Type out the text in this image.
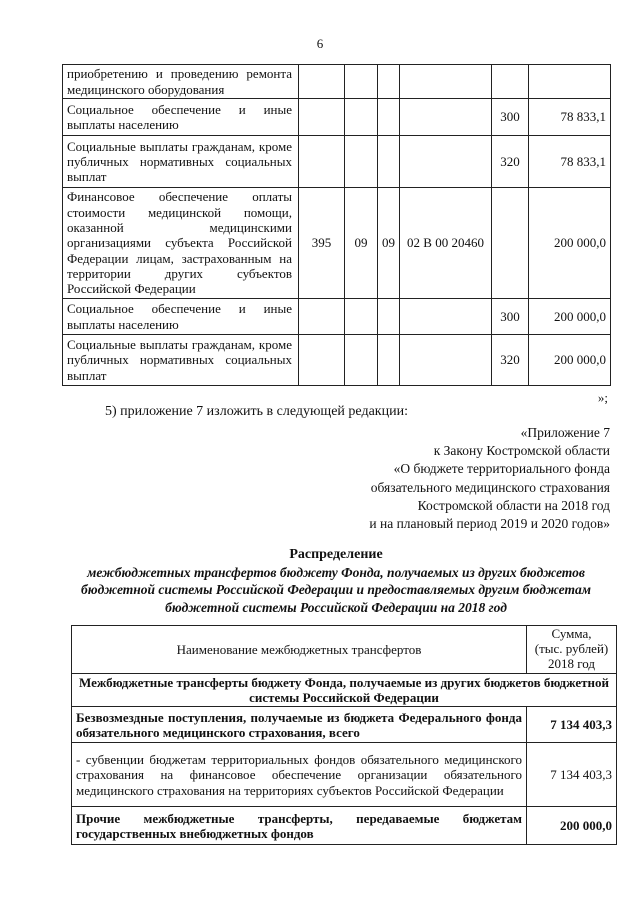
6
приобретению и проведению ремонта медицинского оборудования						
Социальное обеспечение и иные выплаты населению					300	78 833,1
Социальные выплаты гражданам, кроме публичных нормативных социальных выплат					320	78 833,1
Финансовое обеспечение оплаты стоимости медицинской помощи, оказанной медицинскими организациями субъекта Российской Федерации лицам, застрахованным на территории других субъектов Российской Федерации	395	09	09	02 В 00 20460		200 000,0
Социальное обеспечение и иные выплаты населению					300	200 000,0
Социальные выплаты гражданам, кроме публичных нормативных социальных выплат					320	200 000,0
»;
5) приложение 7 изложить в следующей редакции:
«Приложение 7
к Закону Костромской области
«О бюджете территориального фонда
обязательного медицинского страхования
Костромской области на 2018 год
и на плановый период 2019 и 2020 годов»
Распределение
межбюджетных трансфертов бюджету Фонда, получаемых из других бюджетов бюджетной системы Российской Федерации и предоставляемых другим бюджетам бюджетной системы Российской Федерации на 2018 год
Наименование межбюджетных трансфертов	Сумма,
(тыс. рублей)
2018 год

Межбюджетные трансферты бюджету Фонда, получаемые из других бюджетов бюджетной системы Российской Федерации	
Безвозмездные поступления, получаемые из бюджета Федерального фонда обязательного медицинского страхования, всего	7 134 403,3
- субвенции бюджетам территориальных фондов обязательного медицинского страхования на финансовое обеспечение организации обязательного медицинского страхования на территориях субъектов Российской Федерации	7 134 403,3
Прочие межбюджетные трансферты, передаваемые бюджетам государственных внебюджетных фондов	200 000,0
